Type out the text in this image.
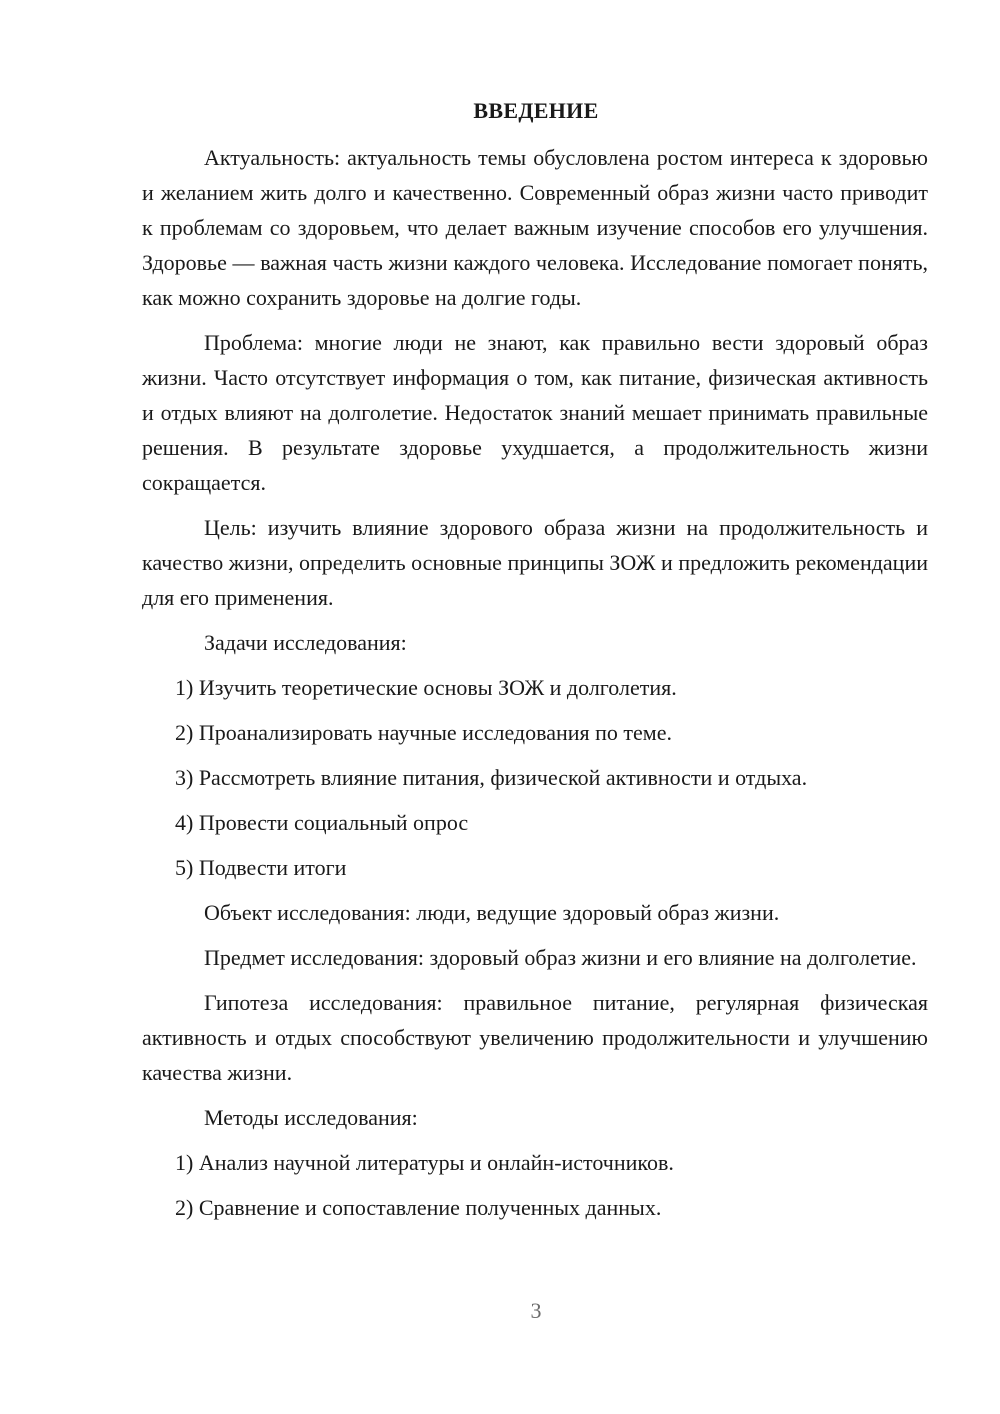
ВВЕДЕНИЕ

Актуальность: актуальность темы обусловлена ростом интереса к здоровью и желанием жить долго и качественно. Современный образ жизни часто приводит к проблемам со здоровьем, что делает важным изучение способов его улучшения. Здоровье — важная часть жизни каждого человека. Исследование помогает понять, как можно сохранить здоровье на долгие годы.

Проблема: многие люди не знают, как правильно вести здоровый образ жизни. Часто отсутствует информация о том, как питание, физическая активность и отдых влияют на долголетие. Недостаток знаний мешает принимать правильные решения. В результате здоровье ухудшается, а продолжительность жизни сокращается.

Цель: изучить влияние здорового образа жизни на продолжительность и качество жизни, определить основные принципы ЗОЖ и предложить рекомендации для его применения.

Задачи исследования:

1) Изучить теоретические основы ЗОЖ и долголетия.

2) Проанализировать научные исследования по теме.

3) Рассмотреть влияние питания, физической активности и отдыха.

4) Провести социальный опрос

5) Подвести итоги

Объект исследования: люди, ведущие здоровый образ жизни.

Предмет исследования: здоровый образ жизни и его влияние на долголетие.

Гипотеза исследования: правильное питание, регулярная физическая активность и отдых способствуют увеличению продолжительности и улучшению качества жизни.

Методы исследования:

1) Анализ научной литературы и онлайн-источников.

2) Сравнение и сопоставление полученных данных.

3
